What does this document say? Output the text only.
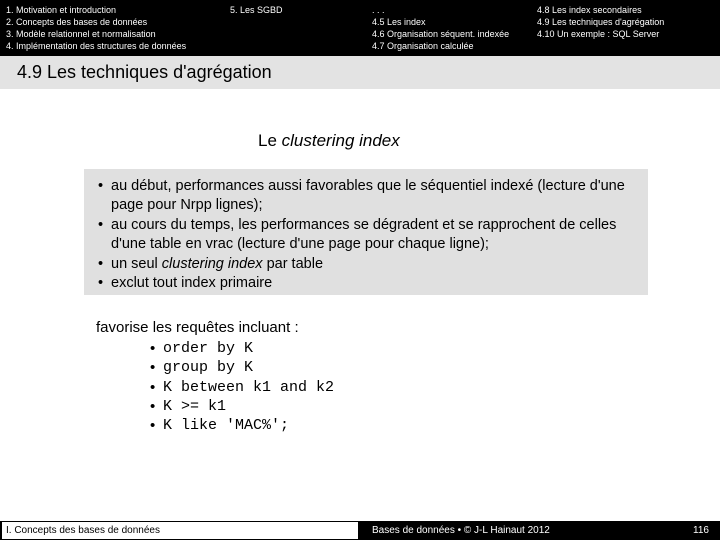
1. Motivation et introduction
2. Concepts des bases de données
3. Modèle relationnel et normalisation
4. Implémentation des structures de données
5. Les SGBD	. . .
4.5 Les index
4.6 Organisation séquent. indexée
4.7 Organisation calculée
4.8 Les index secondaires
4.9 Les techniques d'agrégation
4.10 Un exemple : SQL Server
4.9 Les techniques d'agrégation
Le clustering index
• au début, performances aussi favorables que le séquentiel indexé (lecture d'une page pour Nrpp lignes);
• au cours du temps, les performances se dégradent et se rapprochent de celles d'une table en vrac (lecture d'une page pour chaque ligne);
• un seul clustering index par table
• exclut tout index primaire
favorise les requêtes incluant :
• order by K
• group by K
• K between k1 and k2
• K >= k1
• K like 'MAC%';
I. Concepts des bases de données	Bases de données • © J-L Hainaut 2012	116
